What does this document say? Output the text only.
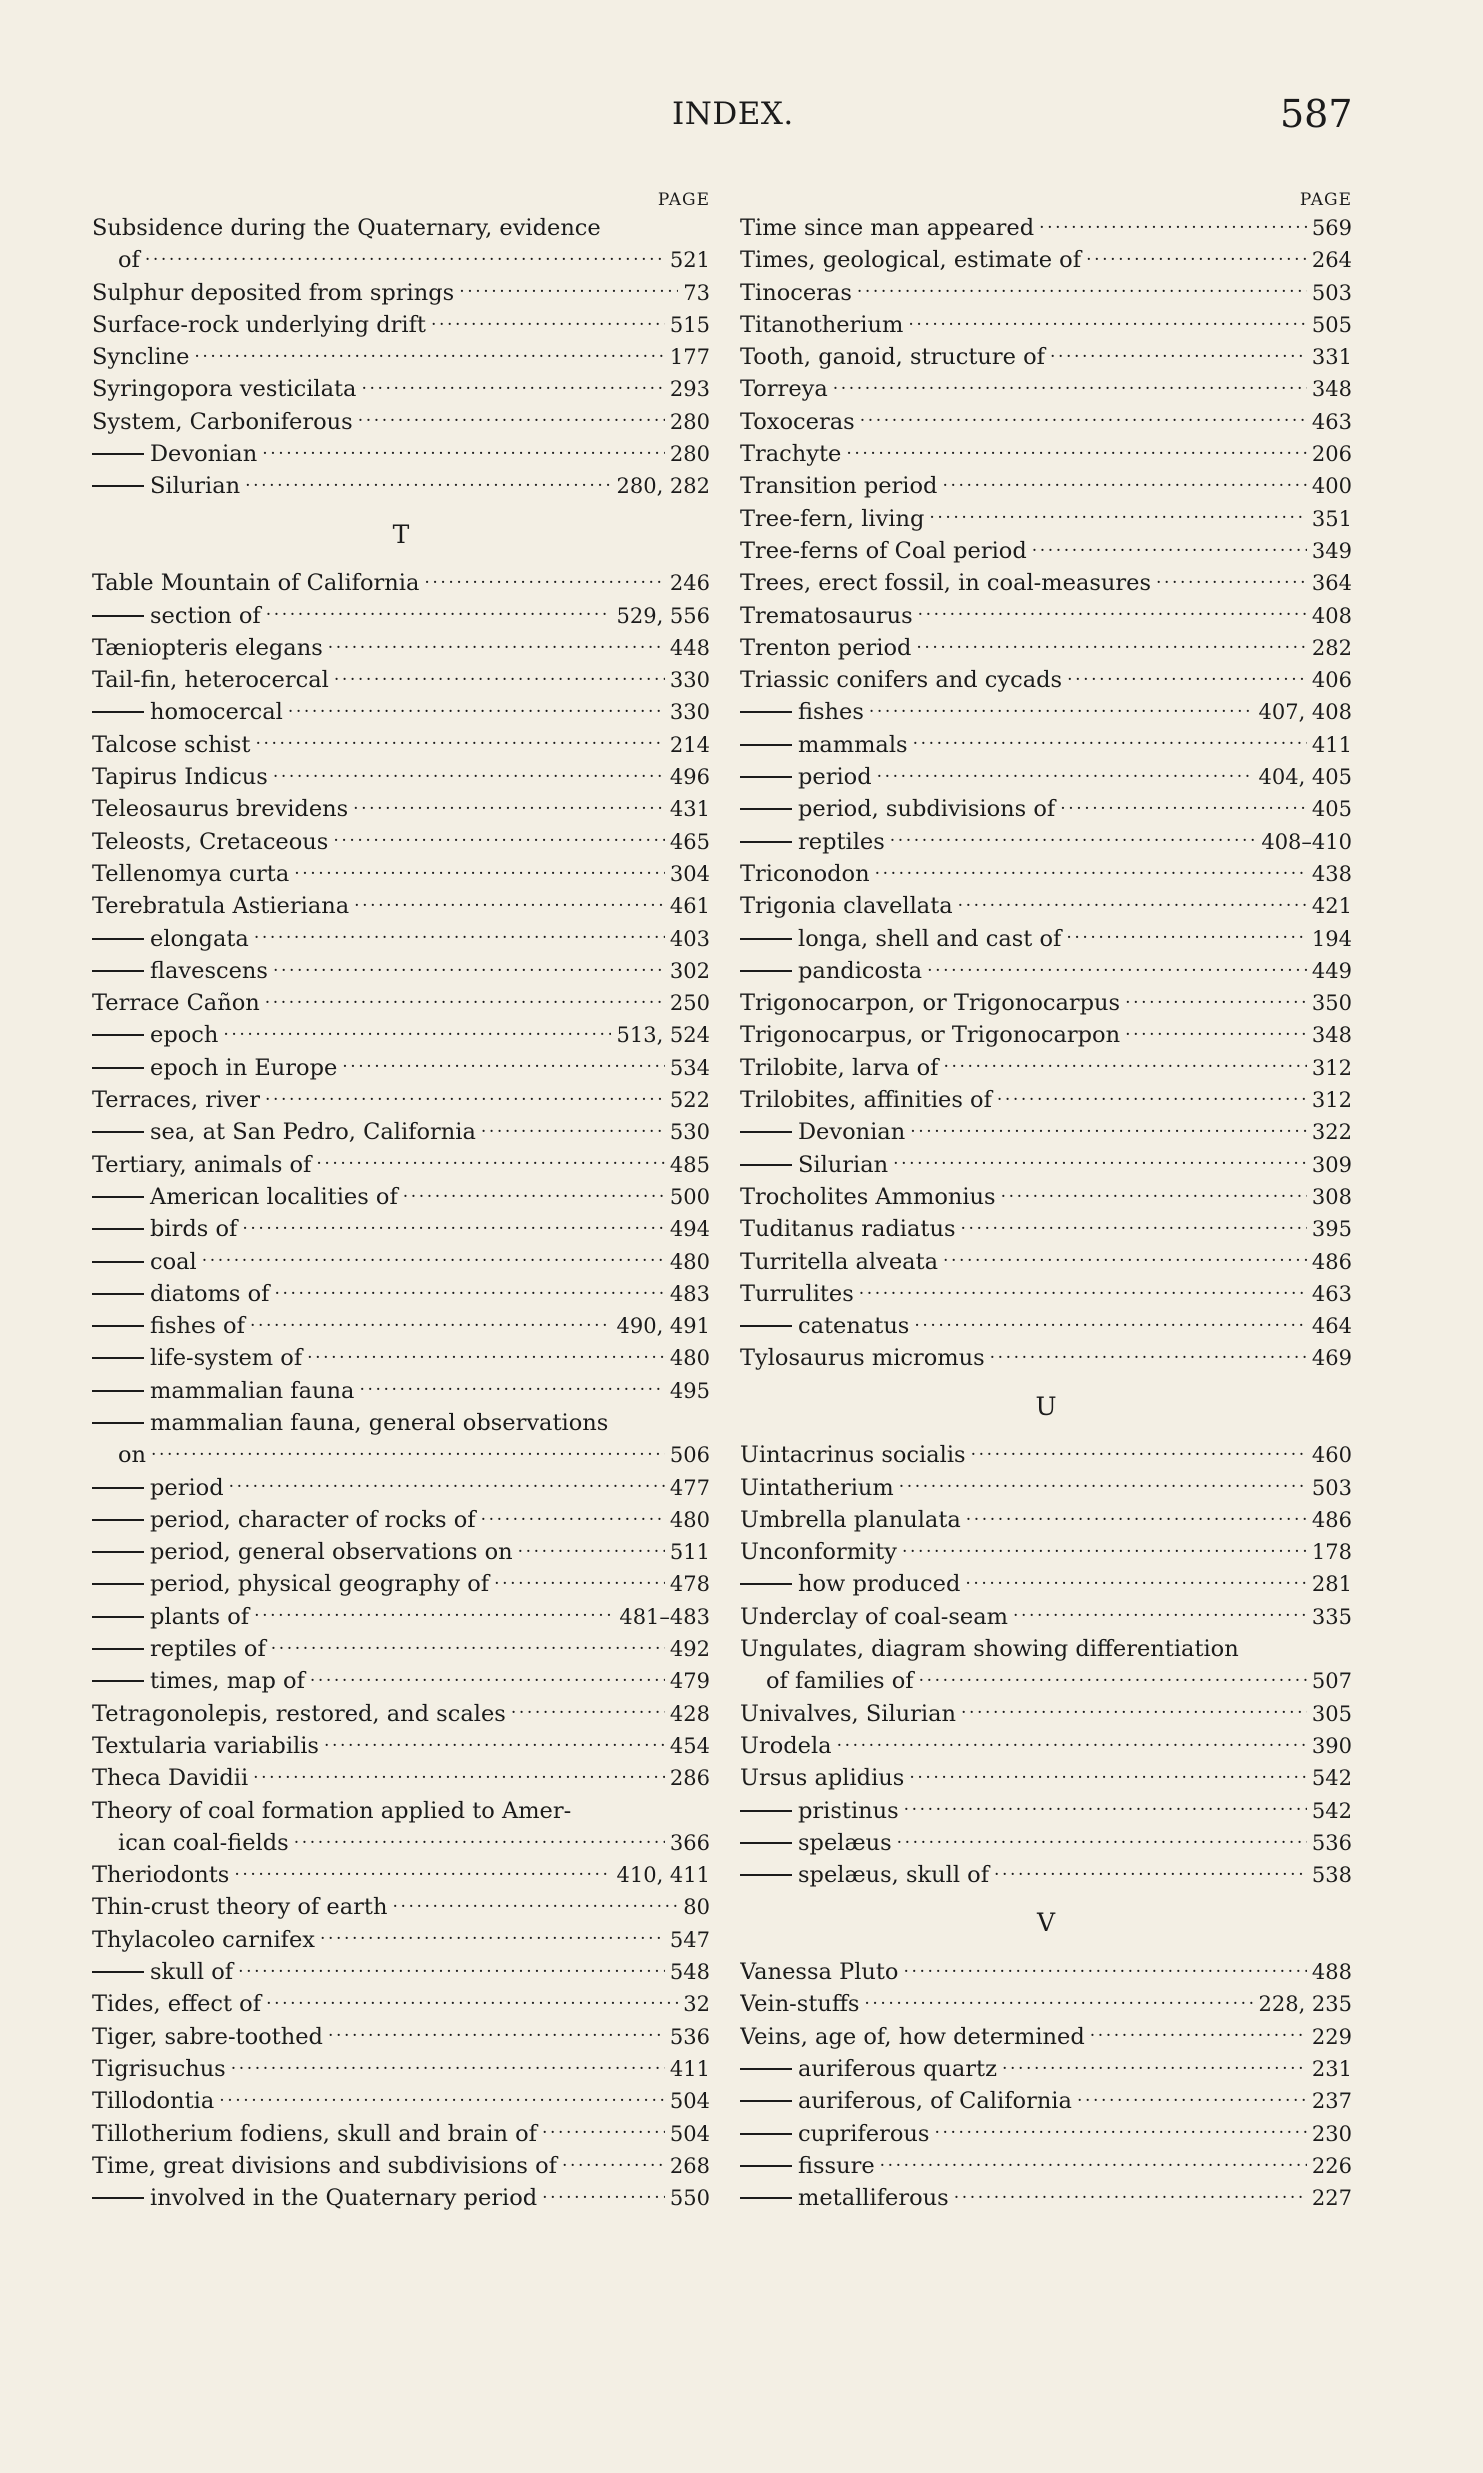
INDEX.	587
PAGE
Subsidence during the Quaternary, evidence
of .....	521
Sulphur deposited from springs .....	73
Surface-rock underlying drift .....	515
Syncline .....	177
Syringopora vesticilata .....	293
System, Carboniferous .....	280
Devonian .....	280
Silurian .....	280, 282
T
Table Mountain of California .....	246
section of .....	529, 556
Tæniopteris elegans .....	448
Tail-fin, heterocercal .....	330
homocercal .....	330
Talcose schist .....	214
Tapirus Indicus .....	496
Teleosaurus brevidens .....	431
Teleosts, Cretaceous .....	465
Tellenomya curta .....	304
Terebratula Astieriana .....	461
elongata .....	403
flavescens .....	302
Terrace Cañon .....	250
epoch .....	513, 524
epoch in Europe .....	534
Terraces, river .....	522
sea, at San Pedro, California .....	530
Tertiary, animals of .....	485
American localities of .....	500
birds of .....	494
coal .....	480
diatoms of .....	483
fishes of .....	490, 491
life-system of .....	480
mammalian fauna .....	495
mammalian fauna, general observations
on .....	506
period .....	477
period, character of rocks of .....	480
period, general observations on .....	511
period, physical geography of .....	478
plants of .....	481–483
reptiles of .....	492
times, map of .....	479
Tetragonolepis, restored, and scales .....	428
Textularia variabilis .....	454
Theca Davidii .....	286
Theory of coal formation applied to Amer-
ican coal-fields .....	366
Theriodonts .....	410, 411
Thin-crust theory of earth .....	80
Thylacoleo carnifex .....	547
skull of .....	548
Tides, effect of .....	32
Tiger, sabre-toothed .....	536
Tigrisuchus .....	411
Tillodontia .....	504
Tillotherium fodiens, skull and brain of .....	504
Time, great divisions and subdivisions of .....	268
involved in the Quaternary period .....	550
PAGE
Time since man appeared .....	569
Times, geological, estimate of .....	264
Tinoceras .....	503
Titanotherium .....	505
Tooth, ganoid, structure of .....	331
Torreya .....	348
Toxoceras .....	463
Trachyte .....	206
Transition period .....	400
Tree-fern, living .....	351
Tree-ferns of Coal period .....	349
Trees, erect fossil, in coal-measures .....	364
Trematosaurus .....	408
Trenton period .....	282
Triassic conifers and cycads .....	406
fishes .....	407, 408
mammals .....	411
period .....	404, 405
period, subdivisions of .....	405
reptiles .....	408–410
Triconodon .....	438
Trigonia clavellata .....	421
longa, shell and cast of .....	194
pandicosta .....	449
Trigonocarpon, or Trigonocarpus .....	350
Trigonocarpus, or Trigonocarpon .....	348
Trilobite, larva of .....	312
Trilobites, affinities of .....	312
Devonian .....	322
Silurian .....	309
Trocholites Ammonius .....	308
Tuditanus radiatus .....	395
Turritella alveata .....	486
Turrulites .....	463
catenatus .....	464
Tylosaurus micromus .....	469
U
Uintacrinus socialis .....	460
Uintatherium .....	503
Umbrella planulata .....	486
Unconformity .....	178
how produced .....	281
Underclay of coal-seam .....	335
Ungulates, diagram showing differentiation
of families of .....	507
Univalves, Silurian .....	305
Urodela .....	390
Ursus aplidius .....	542
pristinus .....	542
spelæus .....	536
spelæus, skull of .....	538
V
Vanessa Pluto .....	488
Vein-stuffs .....	228, 235
Veins, age of, how determined .....	229
auriferous quartz .....	231
auriferous, of California .....	237
cupriferous .....	230
fissure .....	226
metalliferous .....	227
